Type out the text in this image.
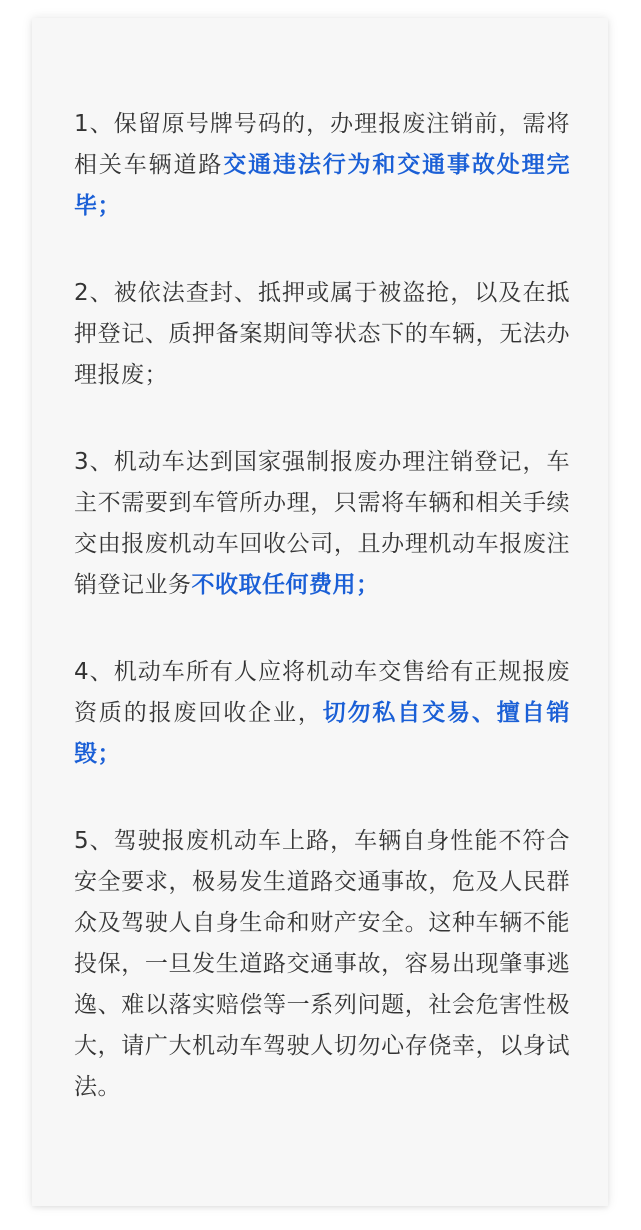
1、保留原号牌号码的，办理报废注销前，需将相关车辆道路交通违法行为和交通事故处理完毕；

2、被依法查封、抵押或属于被盗抢，以及在抵押登记、质押备案期间等状态下的车辆，无法办理报废；

3、机动车达到国家强制报废办理注销登记，车主不需要到车管所办理，只需将车辆和相关手续交由报废机动车回收公司，且办理机动车报废注销登记业务不收取任何费用；

4、机动车所有人应将机动车交售给有正规报废资质的报废回收企业，切勿私自交易、擅自销毁；

5、驾驶报废机动车上路，车辆自身性能不符合安全要求，极易发生道路交通事故，危及人民群众及驾驶人自身生命和财产安全。这种车辆不能投保，一旦发生道路交通事故，容易出现肇事逃逸、难以落实赔偿等一系列问题，社会危害性极大，请广大机动车驾驶人切勿心存侥幸，以身试法。
